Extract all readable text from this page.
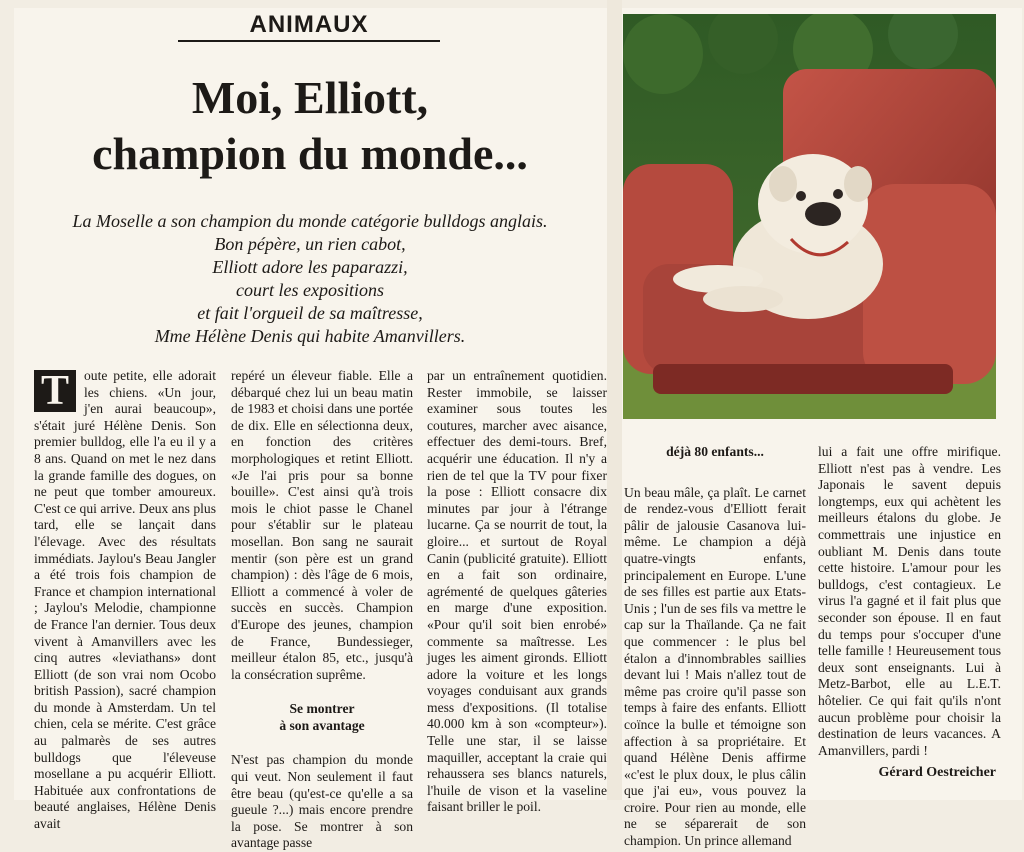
ANIMAUX
Moi, Elliott,
champion du monde...
La Moselle a son champion du monde catégorie bulldogs anglais.
Bon pépère, un rien cabot,
Elliott adore les paparazzi,
court les expositions
et fait l'orgueil de sa maîtresse,
Mme Hélène Denis qui habite Amanvillers.
T	oute petite, elle adorait les chiens. «Un jour, j'en aurai beaucoup», s'était juré Hélène Denis. Son premier bulldog, elle l'a eu il y a 8 ans. Quand on met le nez dans la grande famille des dogues, on ne peut que tomber amoureux. C'est ce qui arrive. Deux ans plus tard, elle se lançait dans l'élevage. Avec des résultats immédiats. Jaylou's Beau Jangler a été trois fois champion de France et champion international ; Jaylou's Melodie, championne de France l'an dernier. Tous deux vivent à Amanvillers avec les cinq autres «leviathans» dont Elliott (de son vrai nom Ocobo british Passion), sacré champion du monde à Amsterdam. Un tel chien, cela se mérite. C'est grâce au palmarès de ses autres bulldogs que l'éleveuse mosellane a pu acquérir Elliott. Habituée aux confrontations de beauté anglaises, Hélène Denis avait

repéré un éleveur fiable. Elle a débarqué chez lui un beau matin de 1983 et choisi dans une portée de dix. Elle en sélectionna deux, en fonction des critères morphologiques et retint Elliott. «Je l'ai pris pour sa bonne bouille». C'est ainsi qu'à trois mois le chiot passe le Chanel pour s'établir sur le plateau mosellan. Bon sang ne saurait mentir (son père est un grand champion) : dès l'âge de 6 mois, Elliott a commencé à voler de succès en succès. Champion d'Europe des jeunes, champion de France, Bundessieger, meilleur étalon 85, etc., jusqu'à la consécration suprême.

Se montrer
à son avantage

N'est pas champion du monde qui veut. Non seulement il faut être beau (qu'est-ce qu'elle a sa gueule ?...) mais encore prendre la pose. Se montrer à son avantage passe

par un entraînement quotidien. Rester immobile, se laisser examiner sous toutes les coutures, marcher avec aisance, effectuer des demi-tours. Bref, acquérir une éducation. Il n'y a rien de tel que la TV pour fixer la pose : Elliott consacre dix minutes par jour à l'étrange lucarne. Ça se nourrit de tout, la gloire... et surtout de Royal Canin (publicité gratuite). Elliott en a fait son ordinaire, agrémenté de quelques gâteries en marge d'une exposition. «Pour qu'il soit bien enrobé» commente sa maîtresse. Les juges les aiment gironds. Elliott adore la voiture et les longs voyages conduisant aux grands mess d'expositions. (Il totalise 40.000 km à son «compteur»). Telle une star, il se laisse maquiller, acceptant la craie qui rehaussera ses blancs naturels, l'huile de vison et la vaseline faisant briller le poil.

déjà 80 enfants...

Un beau mâle, ça plaît. Le carnet de rendez-vous d'Elliott ferait pâlir de jalousie Casanova lui-même. Le champion a déjà quatre-vingts enfants, principalement en Europe. L'une de ses filles est partie aux Etats-Unis ; l'un de ses fils va mettre le cap sur la Thaïlande. Ça ne fait que commencer : le plus bel étalon a d'innombrables saillies devant lui ! Mais n'allez tout de même pas croire qu'il passe son temps à faire des enfants. Elliott coïnce la bulle et témoigne son affection à sa propriétaire. Et quand Hélène Denis affirme «c'est le plux doux, le plus câlin que j'ai eu», vous pouvez la croire. Pour rien au monde, elle ne se séparerait de son champion. Un prince allemand

lui a fait une offre mirifique. Elliott n'est pas à vendre. Les Japonais le savent depuis longtemps, eux qui achètent les meilleurs étalons du globe. Je commettrais une injustice en oubliant M. Denis dans toute cette histoire. L'amour pour les bulldogs, c'est contagieux. Le virus l'a gagné et il fait plus que seconder son épouse. Il en faut du temps pour s'occuper d'une telle famille ! Heureusement tous deux sont enseignants. Lui à Metz-Barbot, elle au L.E.T. hôtelier. Ce qui fait qu'ils n'ont aucun problème pour choisir la destination de leurs vacances. A Amanvillers, pardi !

Gérard Oestreicher
